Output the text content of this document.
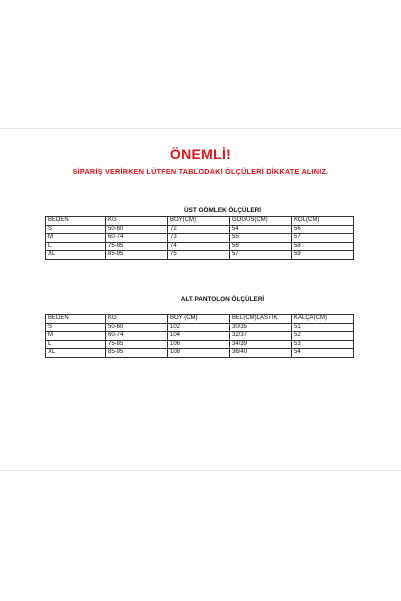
ÖNEMLİ!
SİPARİŞ VERİRKEN LÜTFEN TABLODAKİ ÖLÇÜLERİ DİKKATE ALINIZ.
ÜST GÖMLEK ÖLÇÜLERİ
BEDEN	KG	BOY(CM)	GÖĞÜS(CM)	KOL(CM)
S	50-60	72	54	56
M	60-74	73	55	57
L	75-85	74	56	58
XL	85-95	75	57	59
ALT PANTOLON ÖLÇÜLERİ
BEDEN	KG	BOY (CM)	BEL(CM)LASTIK	KALÇA(CM)
S	50-60	102	30/35	51
M	60-74	104	32/37	52
L	75-85	106	34/39	53
XL	85-95	108	36/40	54
